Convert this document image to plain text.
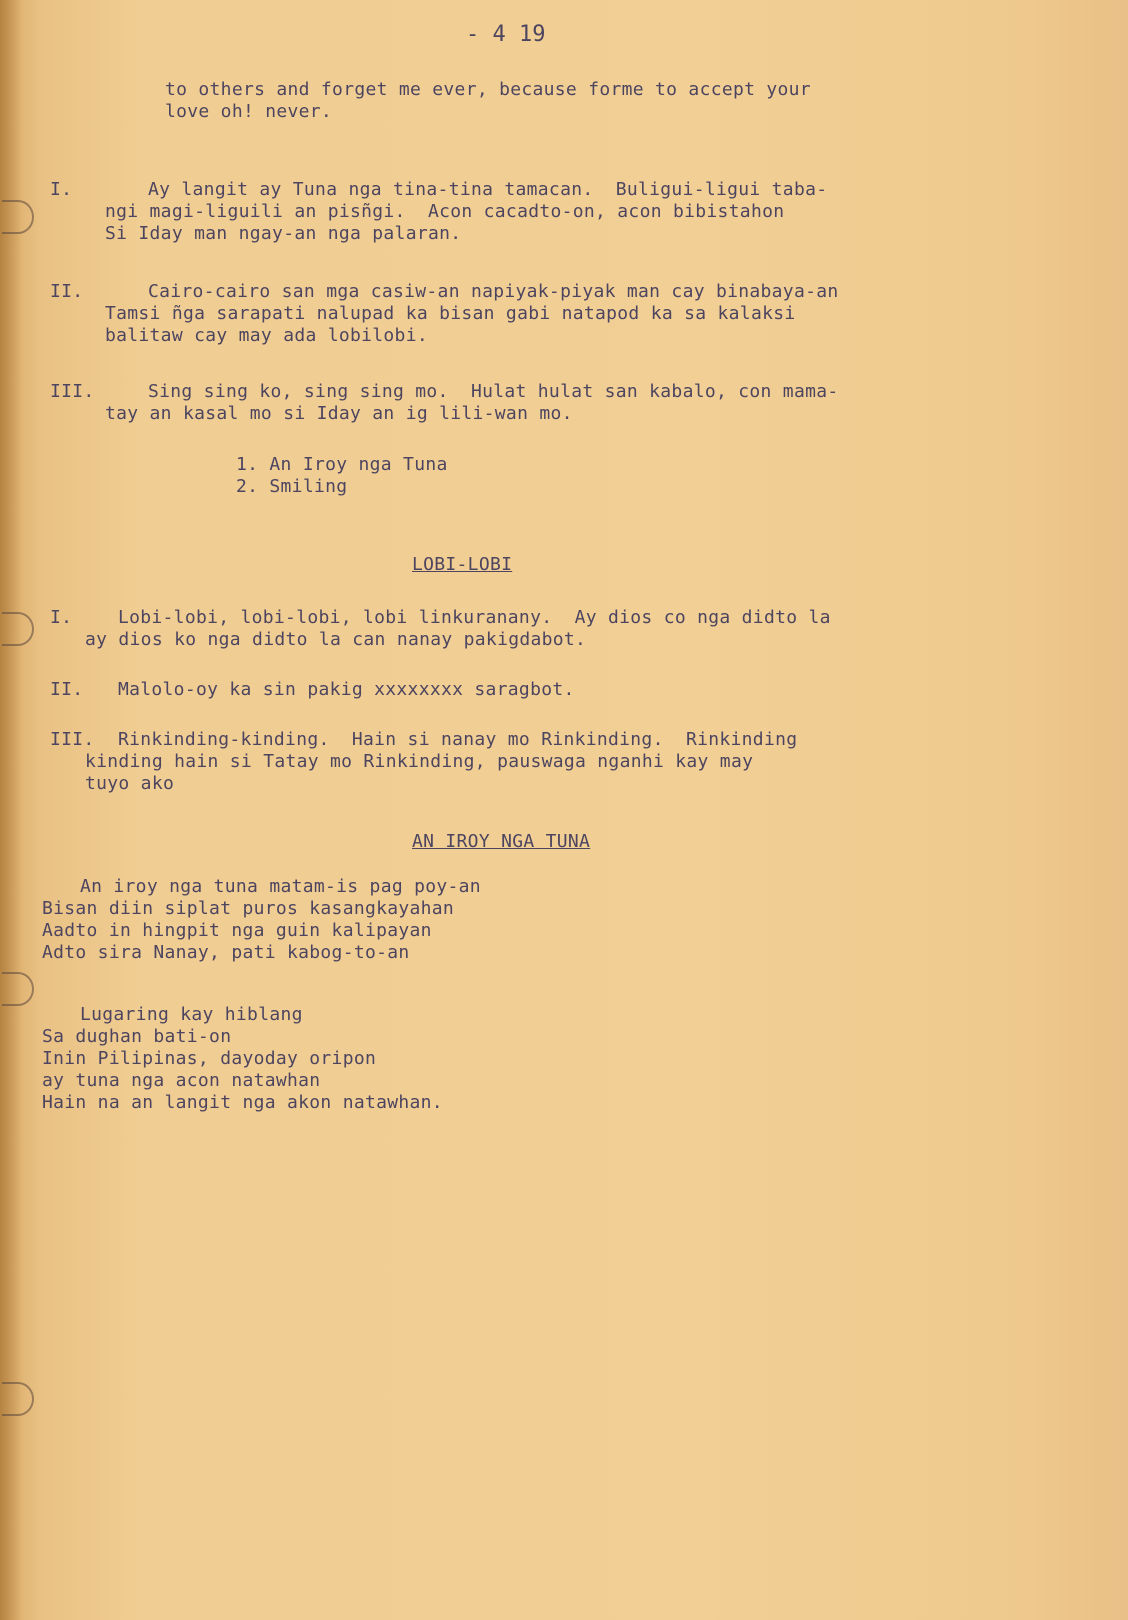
- 4 19
to others and forget me ever, because forme to accept your
love oh! never.
I.	Ay langit ay Tuna nga tina-tina tamacan.  Buligui-ligui taba-
ngi magi-liguili an pisñgi.  Acon cacadto-on, acon bibistahon
Si Iday man ngay-an nga palaran.
II.	Cairo-cairo san mga casiw-an napiyak-piyak man cay binabaya-an
Tamsi ñga sarapati nalupad ka bisan gabi natapod ka sa kalaksi
balitaw cay may ada lobilobi.
III.	Sing sing ko, sing sing mo.  Hulat hulat san kabalo, con mama-
tay an kasal mo si Iday an ig lili-wan mo.
1. An Iroy nga Tuna
2. Smiling
LOBI-LOBI
I.	Lobi-lobi, lobi-lobi, lobi linkuranany.  Ay dios co nga didto la
ay dios ko nga didto la can nanay pakigdabot.
II. Malolo-oy ka sin pakig xxxxxxxx saragbot.
III. Rinkinding-kinding.  Hain si nanay mo Rinkinding.  Rinkinding
kinding hain si Tatay mo Rinkinding, pauswaga nganhi kay may
tuyo ako
AN IROY NGA TUNA
An iroy nga tuna matam-is pag poy-an
Bisan diin siplat puros kasangkayahan
Aadto in hingpit nga guin kalipayan
Adto sira Nanay, pati kabog-to-an
Lugaring kay hiblang
Sa dughan bati-on
Inin Pilipinas, dayoday oripon
ay tuna nga acon natawhan
Hain na an langit nga akon natawhan.
